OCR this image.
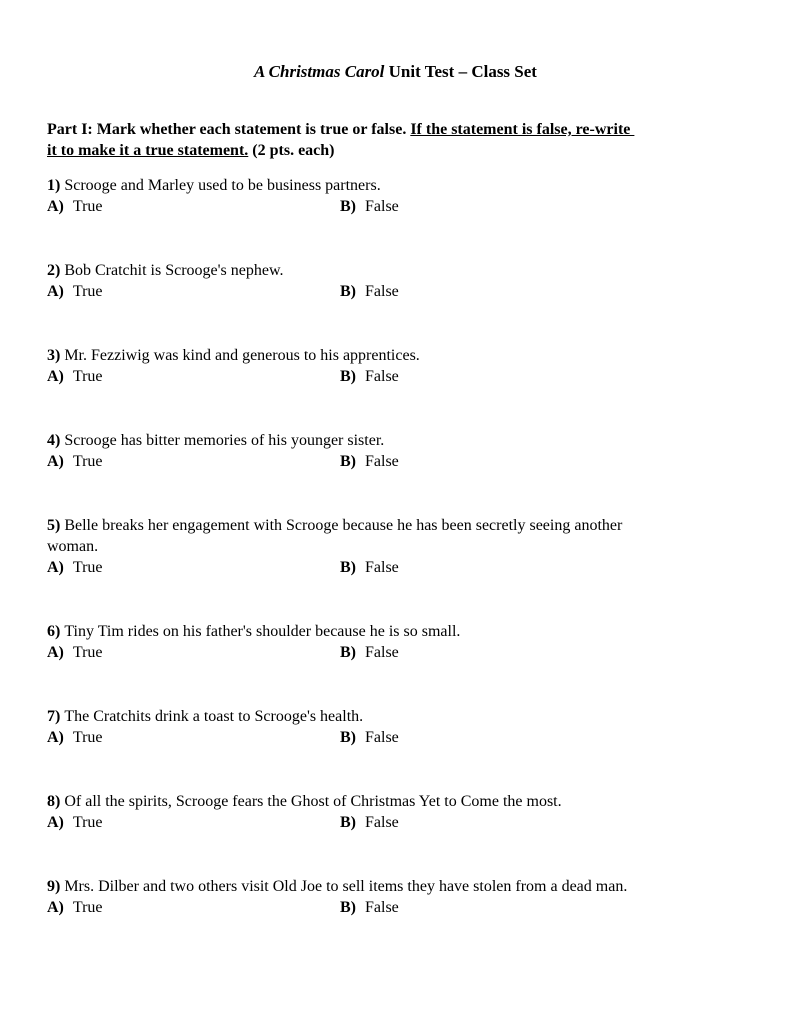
A Christmas Carol Unit Test – Class Set
Part I: Mark whether each statement is true or false. If the statement is false, re-write
it to make it a true statement. (2 pts. each)
1) Scrooge and Marley used to be business partners.
A) True	B) False
2) Bob Cratchit is Scrooge's nephew.
A) True	B) False
3) Mr. Fezziwig was kind and generous to his apprentices.
A) True	B) False
4) Scrooge has bitter memories of his younger sister.
A) True	B) False
5) Belle breaks her engagement with Scrooge because he has been secretly seeing another
woman.
A) True	B) False
6) Tiny Tim rides on his father's shoulder because he is so small.
A) True	B) False
7) The Cratchits drink a toast to Scrooge's health.
A) True	B) False
8) Of all the spirits, Scrooge fears the Ghost of Christmas Yet to Come the most.
A) True	B) False
9) Mrs. Dilber and two others visit Old Joe to sell items they have stolen from a dead man.
A) True	B) False
